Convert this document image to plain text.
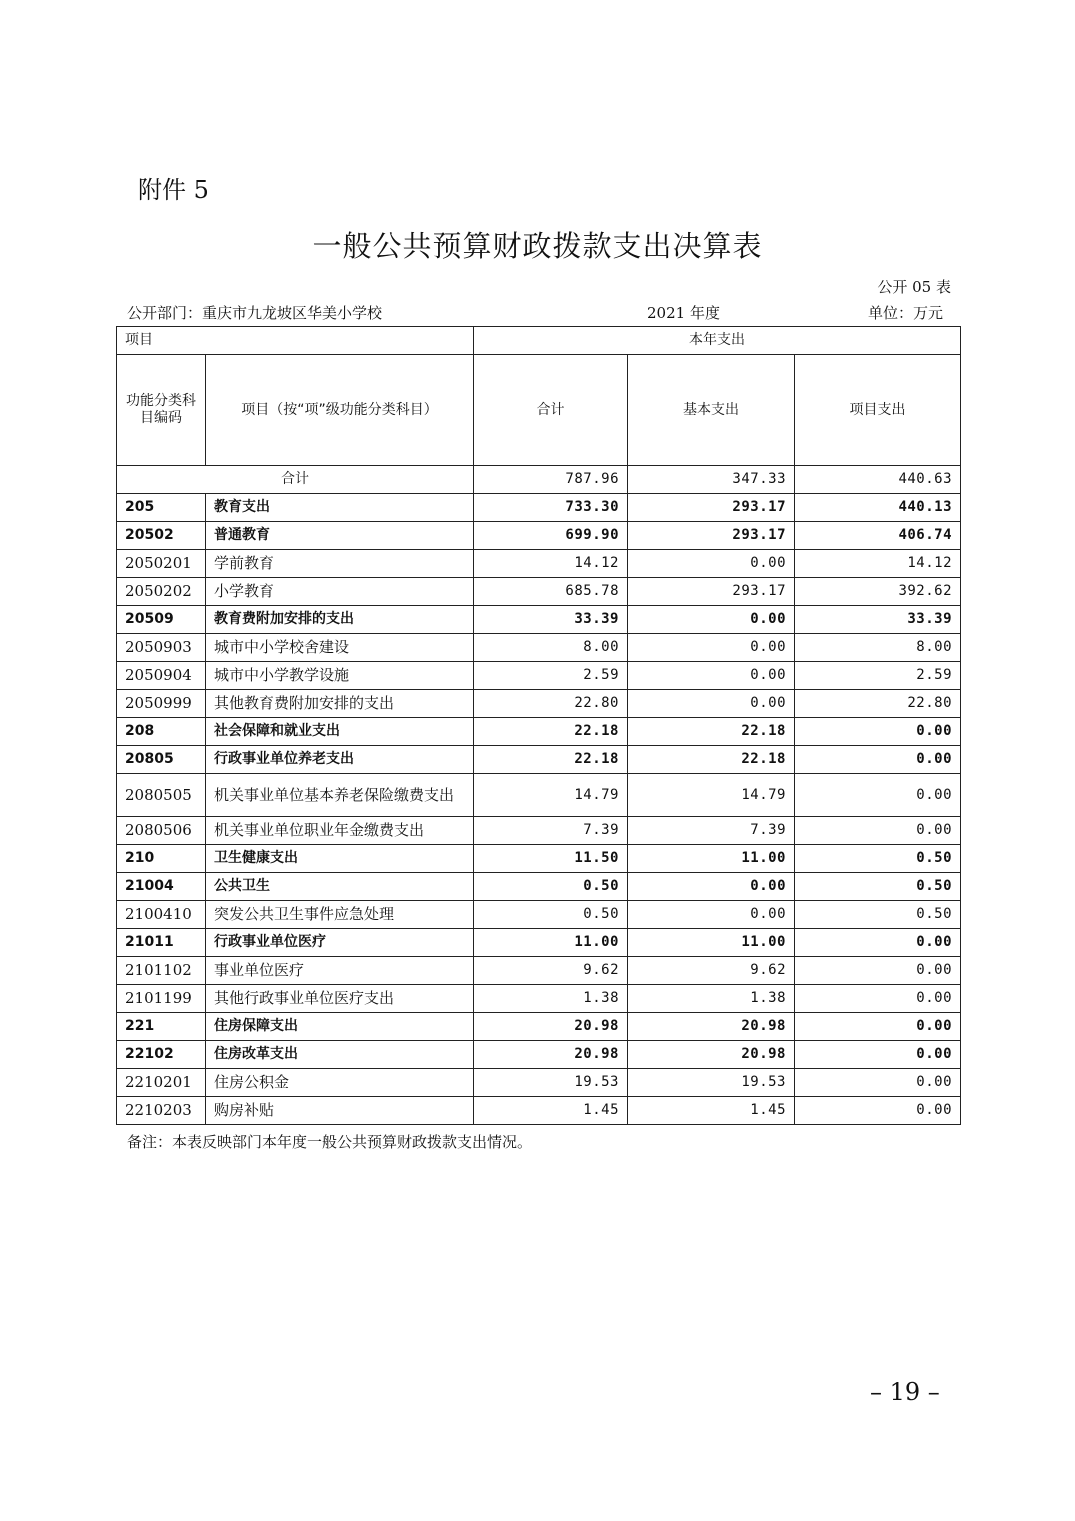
附件 5
一般公共预算财政拨款支出决算表
公开 05 表
公开部门：重庆市九龙坡区华美小学校	2021 年度	单位：万元
项目		本年支出		
功能分类科目编码	项目（按“项”级功能分类科目）	合计	基本支出	项目支出
合计		787.96	347.33	440.63
205	教育支出	733.30	293.17	440.13
20502	普通教育	699.90	293.17	406.74
2050201	学前教育	14.12	0.00	14.12
2050202	小学教育	685.78	293.17	392.62
20509	教育费附加安排的支出	33.39	0.00	33.39
2050903	城市中小学校舍建设	8.00	0.00	8.00
2050904	城市中小学教学设施	2.59	0.00	2.59
2050999	其他教育费附加安排的支出	22.80	0.00	22.80
208	社会保障和就业支出	22.18	22.18	0.00
20805	行政事业单位养老支出	22.18	22.18	0.00
2080505	机关事业单位基本养老保险缴费支出	14.79	14.79	0.00
2080506	机关事业单位职业年金缴费支出	7.39	7.39	0.00
210	卫生健康支出	11.50	11.00	0.50
21004	公共卫生	0.50	0.00	0.50
2100410	突发公共卫生事件应急处理	0.50	0.00	0.50
21011	行政事业单位医疗	11.00	11.00	0.00
2101102	事业单位医疗	9.62	9.62	0.00
2101199	其他行政事业单位医疗支出	1.38	1.38	0.00
221	住房保障支出	20.98	20.98	0.00
22102	住房改革支出	20.98	20.98	0.00
2210201	住房公积金	19.53	19.53	0.00
2210203	购房补贴	1.45	1.45	0.00
备注：本表反映部门本年度一般公共预算财政拨款支出情况。
– 19 –
